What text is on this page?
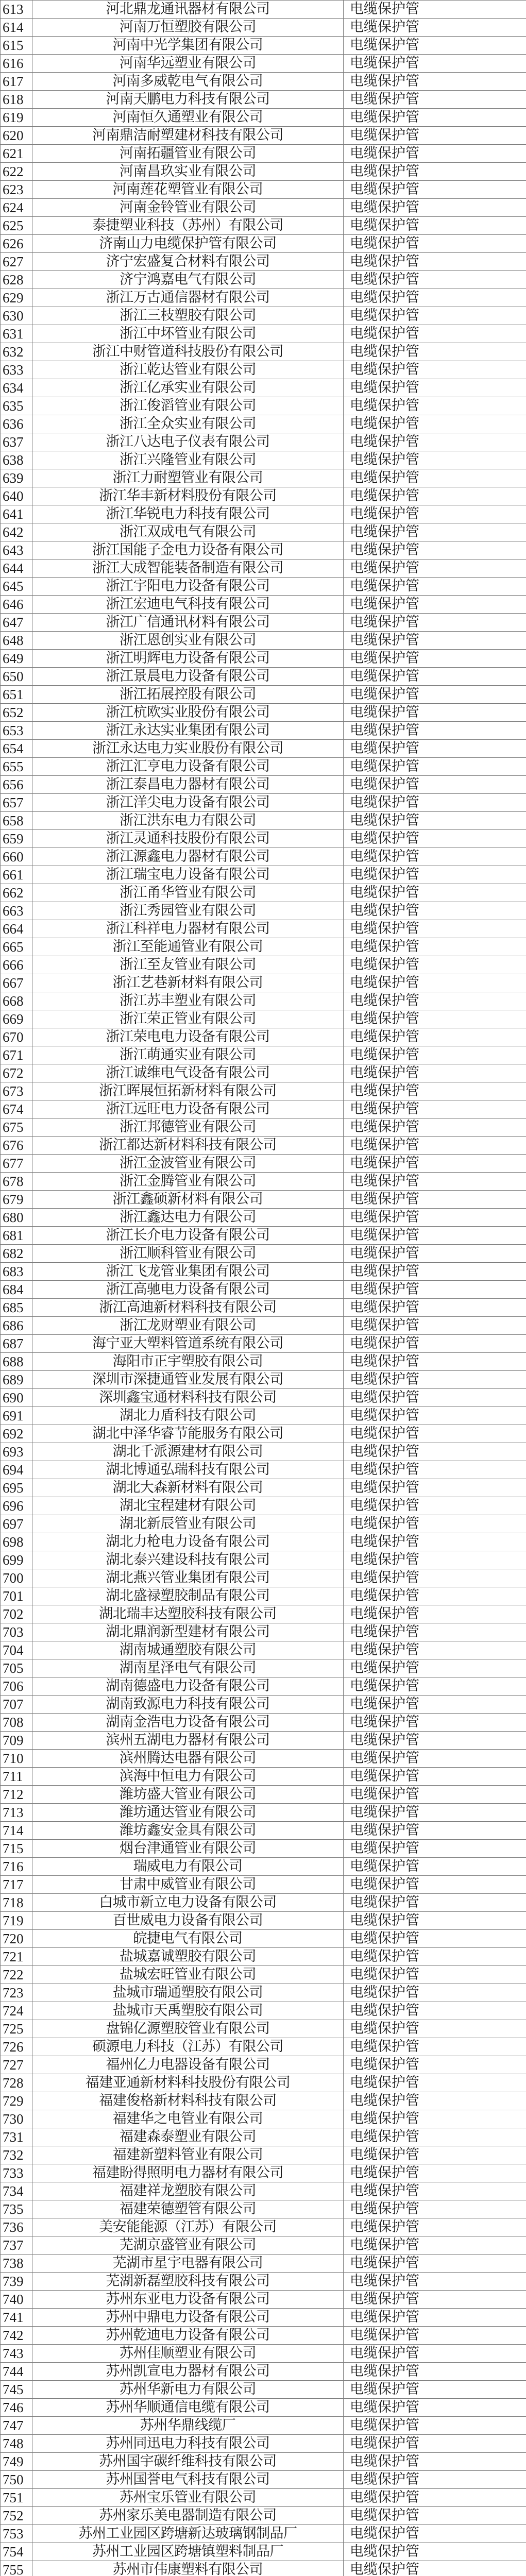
613	河北鼎龙通讯器材有限公司	电缆保护管
614	河南万恒塑胶有限公司	电缆保护管
615	河南中光学集团有限公司	电缆保护管
616	河南华远塑业有限公司	电缆保护管
617	河南多威乾电气有限公司	电缆保护管
618	河南天鹏电力科技有限公司	电缆保护管
619	河南恒久通塑业有限公司	电缆保护管
620	河南鼎洁耐塑建材科技有限公司	电缆保护管
621	河南拓疆管业有限公司	电缆保护管
622	河南昌玖实业有限公司	电缆保护管
623	河南莲花塑管业有限公司	电缆保护管
624	河南金铃管业有限公司	电缆保护管
625	泰捷塑业科技（苏州）有限公司	电缆保护管
626	济南山力电缆保护管有限公司	电缆保护管
627	济宁宏盛复合材料有限公司	电缆保护管
628	济宁鸿嘉电气有限公司	电缆保护管
629	浙江万古通信器材有限公司	电缆保护管
630	浙江三枝塑胶有限公司	电缆保护管
631	浙江中坏管业有限公司	电缆保护管
632	浙江中财管道科技股份有限公司	电缆保护管
633	浙江乾达管业有限公司	电缆保护管
634	浙江亿承实业有限公司	电缆保护管
635	浙江俊滔管业有限公司	电缆保护管
636	浙江全众实业有限公司	电缆保护管
637	浙江八达电子仪表有限公司	电缆保护管
638	浙江兴隆管业有限公司	电缆保护管
639	浙江力耐塑管业有限公司	电缆保护管
640	浙江华丰新材料股份有限公司	电缆保护管
641	浙江华锐电力科技有限公司	电缆保护管
642	浙江双成电气有限公司	电缆保护管
643	浙江国能子金电力设备有限公司	电缆保护管
644	浙江大成智能装备制造有限公司	电缆保护管
645	浙江宇阳电力设备有限公司	电缆保护管
646	浙江宏迪电气科技有限公司	电缆保护管
647	浙江广信通讯材料有限公司	电缆保护管
648	浙江恩创实业有限公司	电缆保护管
649	浙江明辉电力设备有限公司	电缆保护管
650	浙江景晨电力设备有限公司	电缆保护管
651	浙江拓展控股有限公司	电缆保护管
652	浙江杭欧实业股份有限公司	电缆保护管
653	浙江永达实业集团有限公司	电缆保护管
654	浙江永达电力实业股份有限公司	电缆保护管
655	浙江汇亨电力设备有限公司	电缆保护管
656	浙江泰昌电力器材有限公司	电缆保护管
657	浙江洋尖电力设备有限公司	电缆保护管
658	浙江洪东电力有限公司	电缆保护管
659	浙江灵通科技股份有限公司	电缆保护管
660	浙江源鑫电力器材有限公司	电缆保护管
661	浙江瑞宝电力设备有限公司	电缆保护管
662	浙江甬华管业有限公司	电缆保护管
663	浙江秀园管业有限公司	电缆保护管
664	浙江科祥电力器材有限公司	电缆保护管
665	浙江至能通管业有限公司	电缆保护管
666	浙江至友管业有限公司	电缆保护管
667	浙江艺巷新材料有限公司	电缆保护管
668	浙江苏丰塑业有限公司	电缆保护管
669	浙江荣正管业有限公司	电缆保护管
670	浙江荣电电力设备有限公司	电缆保护管
671	浙江萌通实业有限公司	电缆保护管
672	浙江诚维电气设备有限公司	电缆保护管
673	浙江晖展恒拓新材料有限公司	电缆保护管
674	浙江远旺电力设备有限公司	电缆保护管
675	浙江邦德管业有限公司	电缆保护管
676	浙江都达新材料科技有限公司	电缆保护管
677	浙江金波管业有限公司	电缆保护管
678	浙江金腾管业有限公司	电缆保护管
679	浙江鑫硕新材料有限公司	电缆保护管
680	浙江鑫达电力有限公司	电缆保护管
681	浙江长介电力设备有限公司	电缆保护管
682	浙江顺科管业有限公司	电缆保护管
683	浙江飞龙管业集团有限公司	电缆保护管
684	浙江高驰电力设备有限公司	电缆保护管
685	浙江高迪新材料科技有限公司	电缆保护管
686	浙江龙财塑业有限公司	电缆保护管
687	海宁亚大塑料管道系统有限公司	电缆保护管
688	海阳市正宇塑胶有限公司	电缆保护管
689	深圳市深捷通管业发展有限公司	电缆保护管
690	深圳鑫宝通材料科技有限公司	电缆保护管
691	湖北力盾科技有限公司	电缆保护管
692	湖北中泽华睿节能服务有限公司	电缆保护管
693	湖北千派源建材有限公司	电缆保护管
694	湖北博通弘瑞科技有限公司	电缆保护管
695	湖北大森新材料有限公司	电缆保护管
696	湖北宝程建材有限公司	电缆保护管
697	湖北新辰管业有限公司	电缆保护管
698	湖北力枪电力设备有限公司	电缆保护管
699	湖北泰兴建设科技有限公司	电缆保护管
700	湖北燕兴管业集团有限公司	电缆保护管
701	湖北盛禄塑胶制品有限公司	电缆保护管
702	湖北瑞丰达塑胶科技有限公司	电缆保护管
703	湖北鼎润新型建材有限公司	电缆保护管
704	湖南城通塑胶有限公司	电缆保护管
705	湖南星泽电气有限公司	电缆保护管
706	湖南德盛电力设备有限公司	电缆保护管
707	湖南致源电力科技有限公司	电缆保护管
708	湖南金浩电力设备有限公司	电缆保护管
709	滨州五湖电力器材有限公司	电缆保护管
710	滨州腾达电器有限公司	电缆保护管
711	滨海中恒电力有限公司	电缆保护管
712	潍坊盛大管业有限公司	电缆保护管
713	潍坊通达管业有限公司	电缆保护管
714	潍坊鑫安金具有限公司	电缆保护管
715	烟台津通管业有限公司	电缆保护管
716	瑞威电力有限公司	电缆保护管
717	甘肃中威管业有限公司	电缆保护管
718	白城市新立电力设备有限公司	电缆保护管
719	百世威电力设备有限公司	电缆保护管
720	皖捷电气有限公司	电缆保护管
721	盐城嘉诚塑胶有限公司	电缆保护管
722	盐城宏旺管业有限公司	电缆保护管
723	盐城市瑞通塑胶有限公司	电缆保护管
724	盐城市天禹塑胶有限公司	电缆保护管
725	盘锦亿源塑胶管业有限公司	电缆保护管
726	硕源电力科技（江苏）有限公司	电缆保护管
727	福州亿力电器设备有限公司	电缆保护管
728	福建亚通新材料科技股份有限公司	电缆保护管
729	福建俊格新材料科技有限公司	电缆保护管
730	福建华之电管业有限公司	电缆保护管
731	福建森泰塑业有限公司	电缆保护管
732	福建新塑料管业有限公司	电缆保护管
733	福建盼得照明电力器材有限公司	电缆保护管
734	福建祥龙塑胶有限公司	电缆保护管
735	福建荣德塑管有限公司	电缆保护管
736	美安能能源（江苏）有限公司	电缆保护管
737	芜湖京盛管业有限公司	电缆保护管
738	芜湖市星宇电器有限公司	电缆保护管
739	芜湖新磊塑胶科技有限公司	电缆保护管
740	苏州东亚电力设备有限公司	电缆保护管
741	苏州中鼎电力设备有限公司	电缆保护管
742	苏州乾迪电力设备有限公司	电缆保护管
743	苏州佳顺塑业有限公司	电缆保护管
744	苏州凯宣电力器材有限公司	电缆保护管
745	苏州华新电力有限公司	电缆保护管
746	苏州华顺通信电缆有限公司	电缆保护管
747	苏州华鼎线缆厂	电缆保护管
748	苏州同迅电力科技有限公司	电缆保护管
749	苏州国宇碳纤维科技有限公司	电缆保护管
750	苏州国誉电气科技有限公司	电缆保护管
751	苏州宝乐管业有限公司	电缆保护管
752	苏州家乐美电器制造有限公司	电缆保护管
753	苏州工业园区跨塘新达玻璃钢制品厂	电缆保护管
754	苏州工业园区跨塘镇塑料制品厂	电缆保护管
755	苏州市伟康塑料有限公司	电缆保护管
